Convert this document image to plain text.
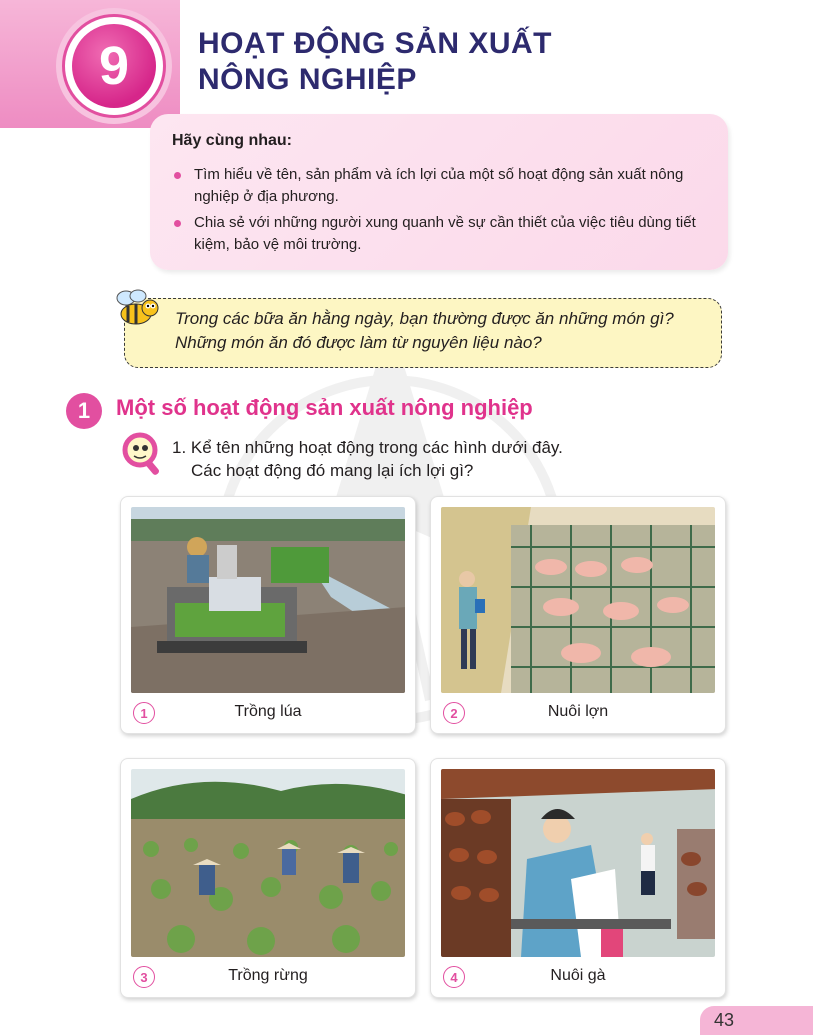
9 HOẠT ĐỘNG SẢN XUẤT
NÔNG NGHIỆP
Hãy cùng nhau:
Tìm hiểu về tên, sản phẩm và ích lợi của một số hoạt động sản xuất nông nghiệp ở địa phương.
Chia sẻ với những người xung quanh về sự cần thiết của việc tiêu dùng tiết kiệm, bảo vệ môi trường.
Trong các bữa ăn hằng ngày, bạn thường được ăn những món gì? Những món ăn đó được làm từ nguyên liệu nào?
1	Một số hoạt động sản xuất nông nghiệp
1. Kể tên những hoạt động trong các hình dưới đây.
Các hoạt động đó mang lại ích lợi gì?
1	Trồng lúa	2	Nuôi lợn
3	Trồng rừng	4	Nuôi gà
43
